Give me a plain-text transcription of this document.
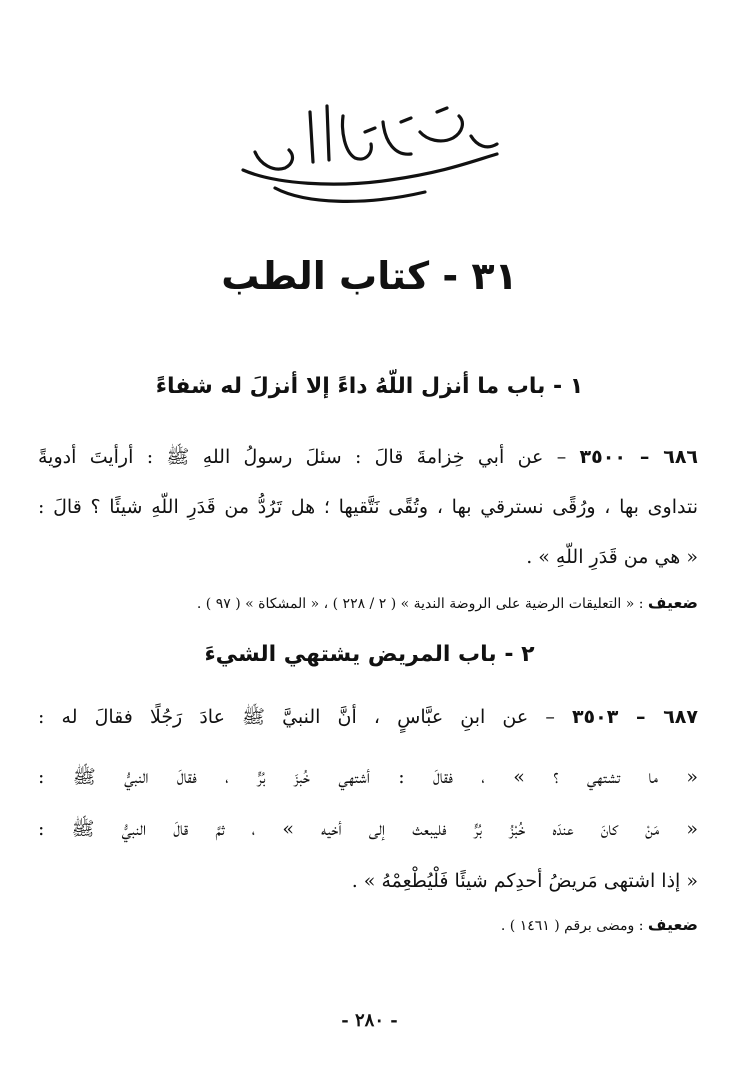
بسم الله الرحمن الرحيم
٣١ - كتاب الطب
١ - باب ما أنزل اللّهُ داءً إلا أنزلَ له شفاءً
٦٨٦ – ٣٥٠٠ – عن أبي خِزامةَ قالَ : سئلَ رسولُ اللهِ ﷺ : أرأيتَ أدويةً
نتداوى بها ، ورُقًى نسترقي بها ، وتُقًى نَتَّقيها ؛ هل تَرُدُّ من قَدَرِ اللّهِ شيئًا ؟ قالَ :
« هي من قَدَرِ اللّهِ » .
ضعيف : « التعليقات الرضية على الروضة الندية » ( ٢ / ٢٢٨ ) ، « المشكاة » ( ٩٧ ) .
٢ - باب المريض يشتهي الشيءَ
٦٨٧ – ٣٥٠٣ – عن ابنِ عبَّاسٍ ، أنَّ النبيَّ ﷺ عادَ رَجُلًا فقالَ له :
« ما تشتهي ؟ » ، فقالَ : أشتهي خُبزَ بُرٍّ ، فقالَ النبيُّ ﷺ :
« مَنْ كانَ عندَه خُبْزُ بُرٍّ فليبعث إلى أخيه » ، ثمَّ قالَ النبيُّ ﷺ :
« إذا اشتهى مَريضُ أحدِكم شيئًا فَلْيُطْعِمْهُ » .
ضعيف : ومضى برقم ( ١٤٦١ ) .
- ٢٨٠ -
